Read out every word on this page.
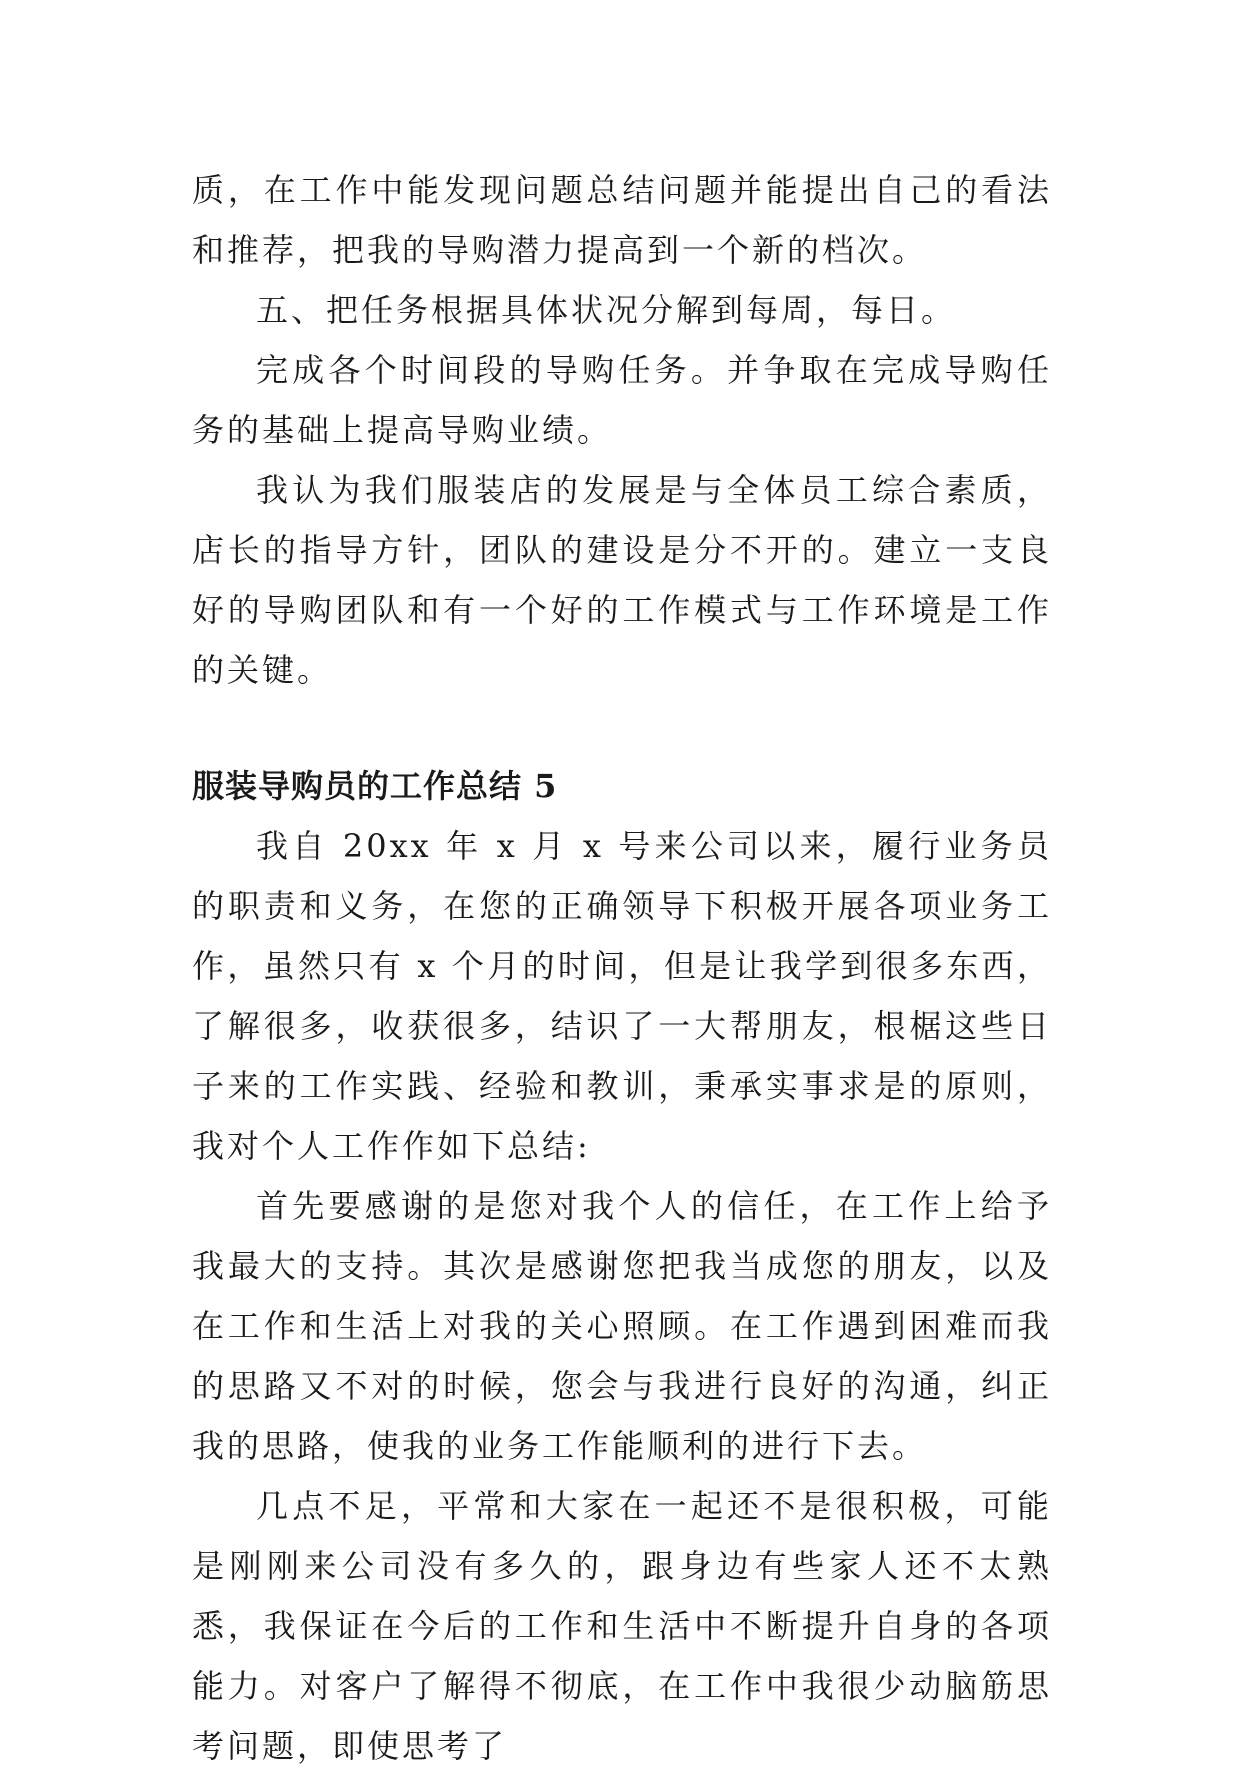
质，在工作中能发现问题总结问题并能提出自己的看法和推荐，把我的导购潜力提高到一个新的档次。

五、把任务根据具体状况分解到每周，每日。

完成各个时间段的导购任务。并争取在完成导购任务的基础上提高导购业绩。

我认为我们服装店的发展是与全体员工综合素质，店长的指导方针，团队的建设是分不开的。建立一支良好的导购团队和有一个好的工作模式与工作环境是工作的关键。

服装导购员的工作总结 5

我自 20xx 年 x 月 x 号来公司以来，履行业务员的职责和义务，在您的正确领导下积极开展各项业务工作，虽然只有 x 个月的时间，但是让我学到很多东西，了解很多，收获很多，结识了一大帮朋友，根椐这些日子来的工作实践、经验和教训，秉承实事求是的原则，我对个人工作作如下总结:

首先要感谢的是您对我个人的信任，在工作上给予我最大的支持。其次是感谢您把我当成您的朋友，以及在工作和生活上对我的关心照顾。在工作遇到困难而我的思路又不对的时候，您会与我进行良好的沟通，纠正我的思路，使我的业务工作能顺利的进行下去。

几点不足，平常和大家在一起还不是很积极，可能是刚刚来公司没有多久的，跟身边有些家人还不太熟悉，我保证在今后的工作和生活中不断提升自身的各项能力。对客户了解得不彻底，在工作中我很少动脑筋思考问题，即使思考了
